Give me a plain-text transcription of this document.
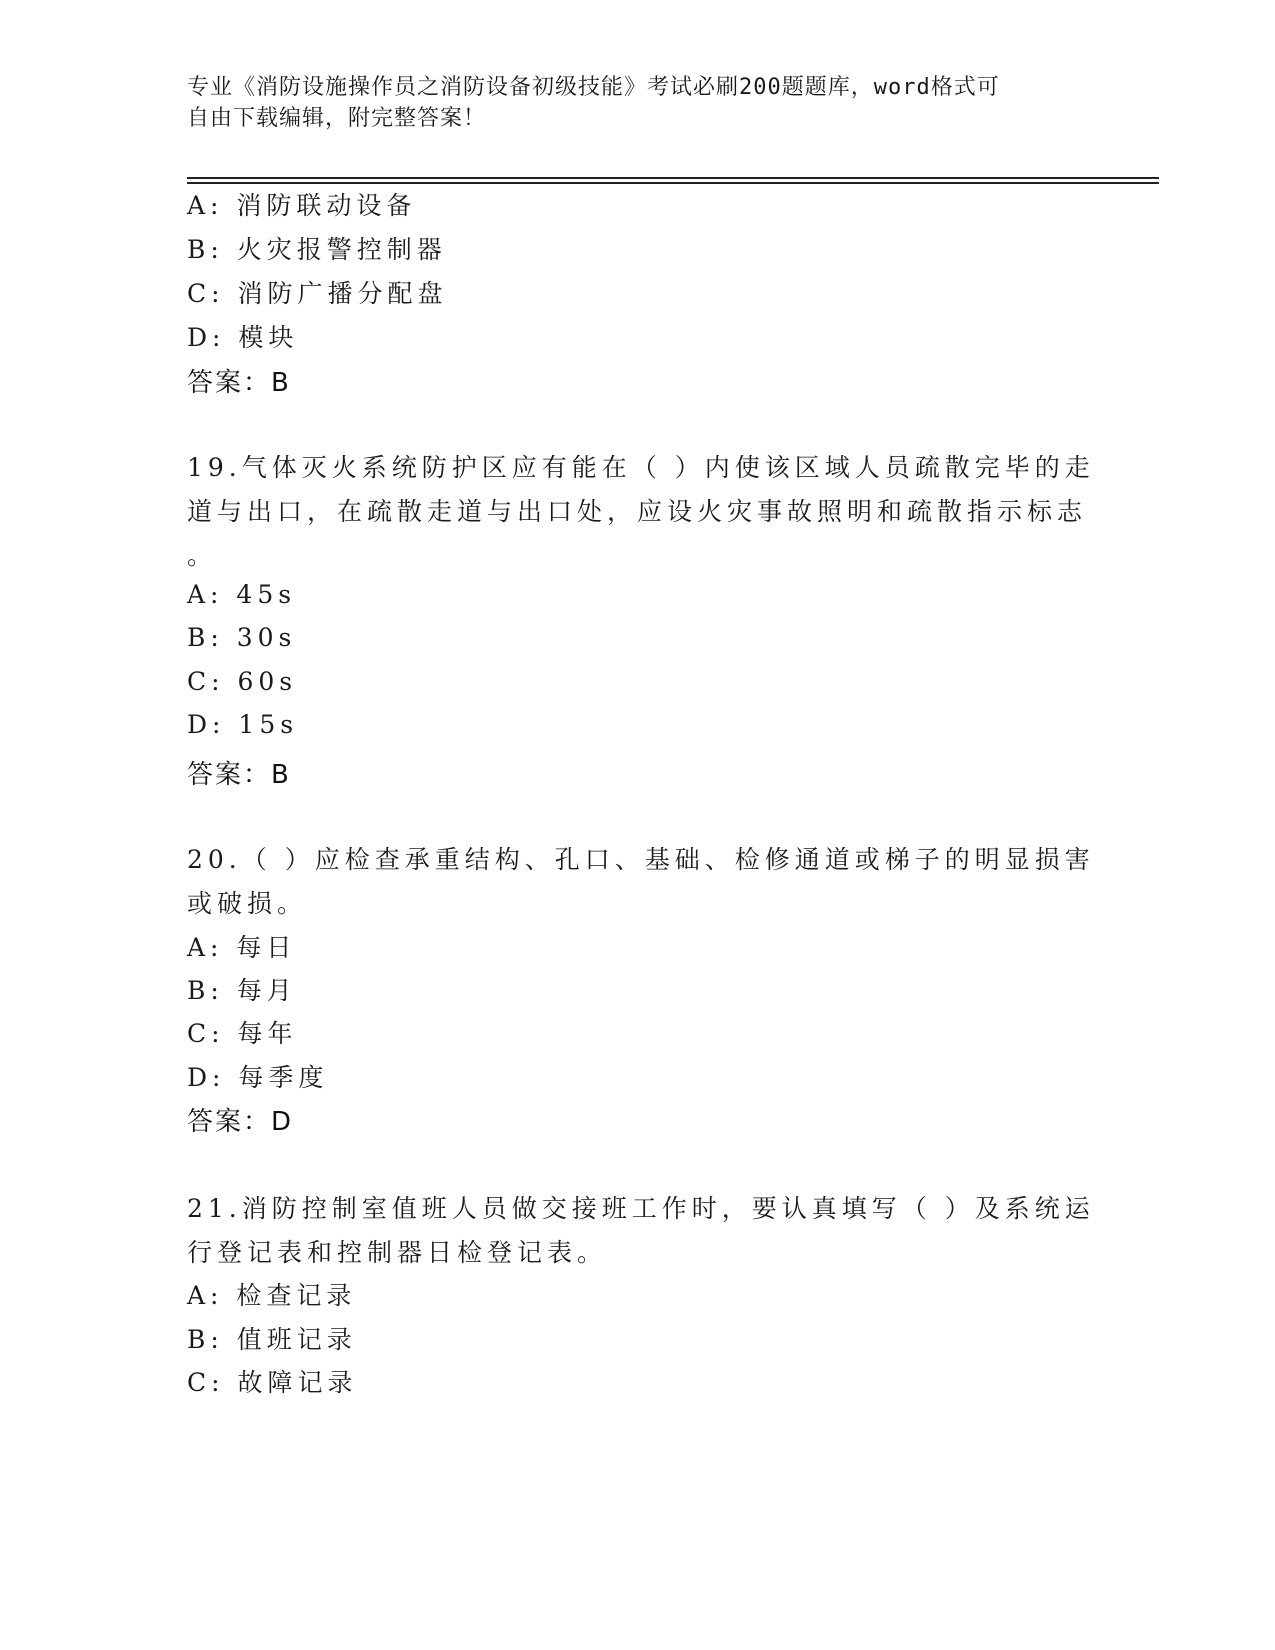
专业《消防设施操作员之消防设备初级技能》考试必刷200题题库，word格式可
自由下载编辑，附完整答案！
A: 消防联动设备
B: 火灾报警控制器
C: 消防广播分配盘
D: 模块
答案：B
19.气体灭火系统防护区应有能在（ ）内使该区域人员疏散完毕的走
道与出口，在疏散走道与出口处，应设火灾事故照明和疏散指示标志
。
A: 45s
B: 30s
C: 60s
D: 15s
答案：B
20.（ ）应检查承重结构、孔口、基础、检修通道或梯子的明显损害
或破损。
A: 每日
B: 每月
C: 每年
D: 每季度
答案：D
21.消防控制室值班人员做交接班工作时，要认真填写（ ）及系统运
行登记表和控制器日检登记表。
A: 检查记录
B: 值班记录
C: 故障记录
